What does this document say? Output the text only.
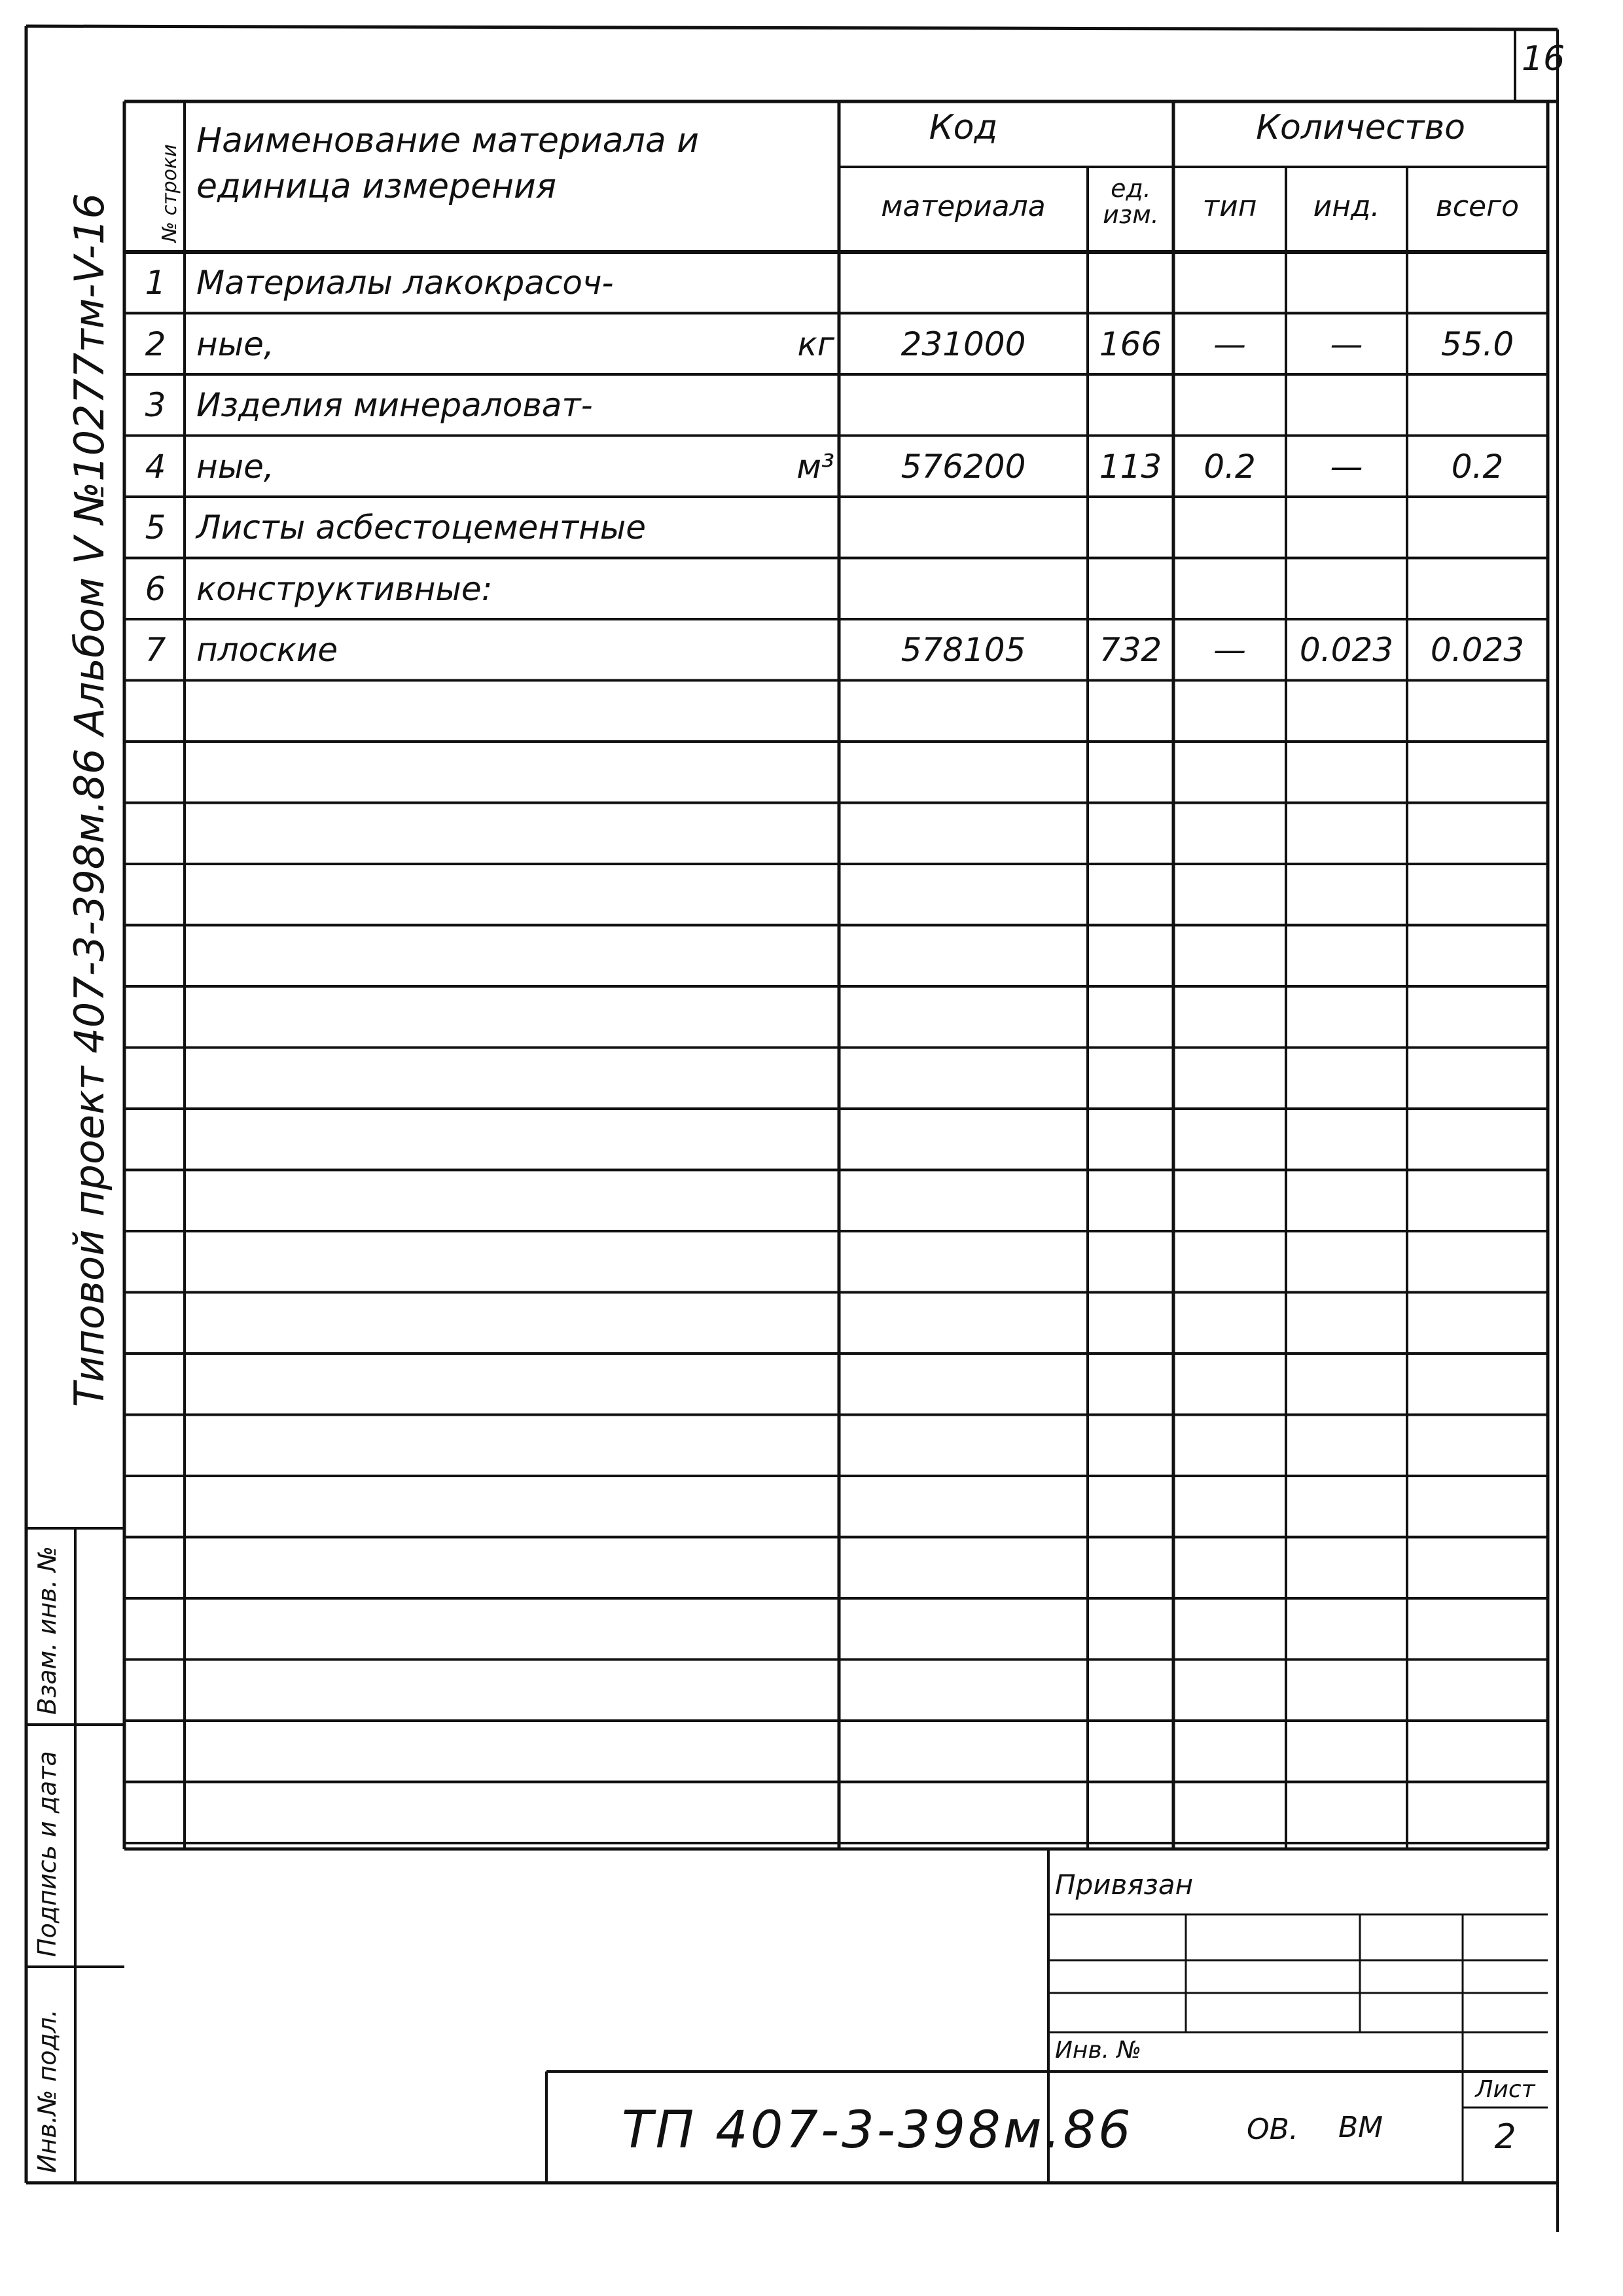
16
Типовой проект 407-3-398м.86 Альбом V №10277тм-V-16 № строки
Наименование материала и единица измерения
Код
материала
ед. изм.
Количество
тип	инд.	всего
1 Материалы лакокрасоч-
2 ные,	кг	231000	166	—	—	55.0
3 Изделия минераловат-
4 ные,	м³	576200	113	0.2	—	0.2
5 Листы асбестоцементные
6 конструктивные:
7 плоские	578105	732	—	0.023	0.023
Привязан
Инв. №
Лист
2
ТП 407-3-398м.86	ОВ. ВМ
Инв.№ подл.
Подпись и дата
Взам. инв. №
